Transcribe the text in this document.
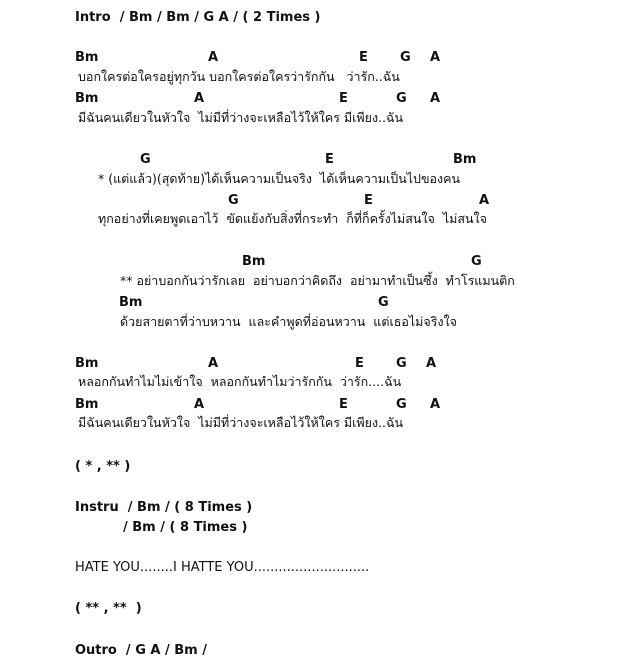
Intro  / Bm / Bm / G A / ( 2 Times )
Bm	A	E G A
บอกใครต่อใครอยู่ทุกวัน บอกใครต่อใครว่ารักกัน   ว่ารัก..ฉัน
Bm	A	E	G A
มีฉันคนเดียวในหัวใจ  ไม่มีที่ว่างจะเหลือไว้ให้ใคร มีเพียง..ฉัน
G	E	Bm
* (แต่แล้ว)(สุดท้าย)ได้เห็นความเป็นจริง  ได้เห็นความเป็นไปของคน
G	E	A
ทุกอย่างที่เคยพูดเอาไว้  ขัดแย้งกับสิ่งที่กระทำ  ก็ที่ก็ครั้งไม่สนใจ  ไม่สนใจ
Bm	G
** อย่าบอกกันว่ารักเลย  อย่าบอกว่าคิดถึง  อย่ามาทำเป็นซึ้ง  ทำโรแมนติก
Bm	G
ด้วยสายตาที่ว่าบหวาน  และคำพูดที่อ่อนหวาน  แต่เธอไม่จริงใจ
Bm	A	E G A
หลอกกันทำไมไม่เข้าใจ  หลอกกันทำไมว่ารักกัน  ว่ารัก....ฉัน
Bm	A	E	G A
มีฉันคนเดียวในหัวใจ  ไม่มีที่ว่างจะเหลือไว้ให้ใคร มีเพียง..ฉัน
( * , ** )
Instru  / Bm / ( 8 Times )
/ Bm / ( 8 Times )
HATE YOU........I HATTE YOU............................
( ** , **  )
Outro  / G A / Bm /
